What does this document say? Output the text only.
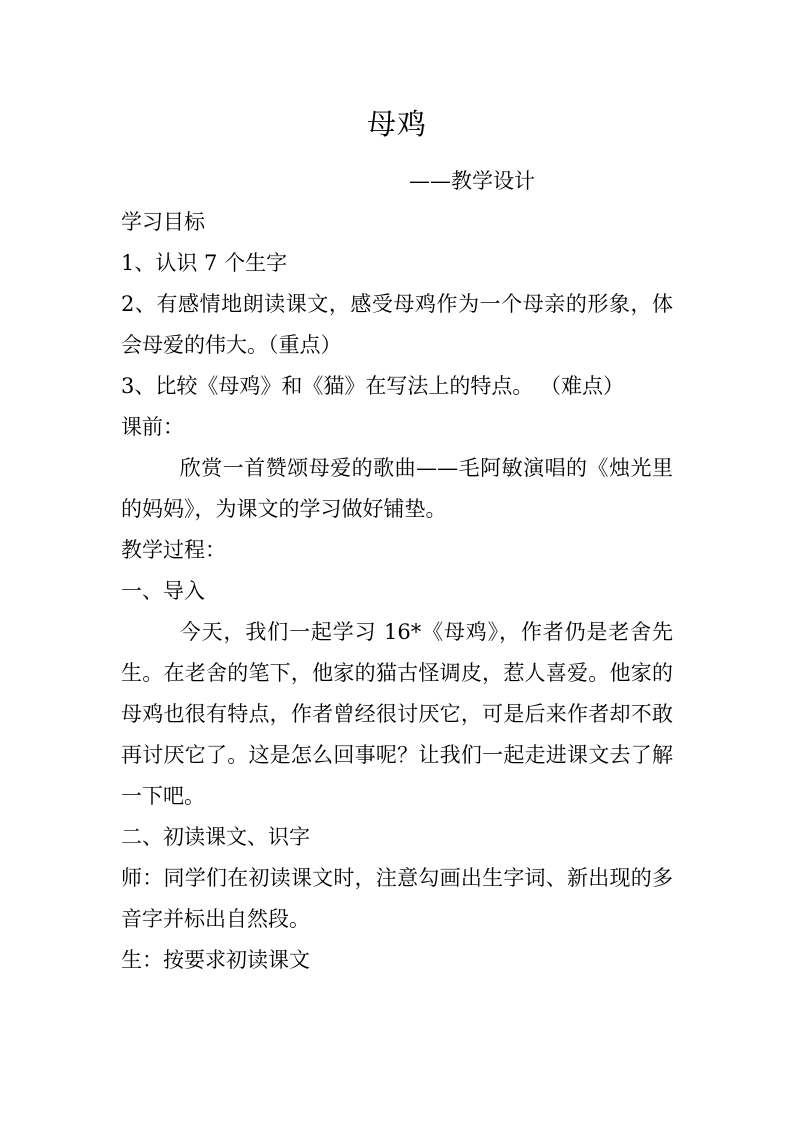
母鸡
——教学设计

学习目标

1、认识 7 个生字

2、有感情地朗读课文，感受母鸡作为一个母亲的形象，体会母爱的伟大。（重点）

3、比较《母鸡》和《猫》在写法上的特点。 （难点）

课前：

欣赏一首赞颂母爱的歌曲——毛阿敏演唱的《烛光里的妈妈》，为课文的学习做好铺垫。

教学过程：

一、导入

今天，我们一起学习 16*《母鸡》，作者仍是老舍先生。在老舍的笔下，他家的猫古怪调皮，惹人喜爱。他家的母鸡也很有特点，作者曾经很讨厌它，可是后来作者却不敢再讨厌它了。这是怎么回事呢？让我们一起走进课文去了解一下吧。

二、初读课文、识字

师：同学们在初读课文时，注意勾画出生字词、新出现的多音字并标出自然段。

生：按要求初读课文
